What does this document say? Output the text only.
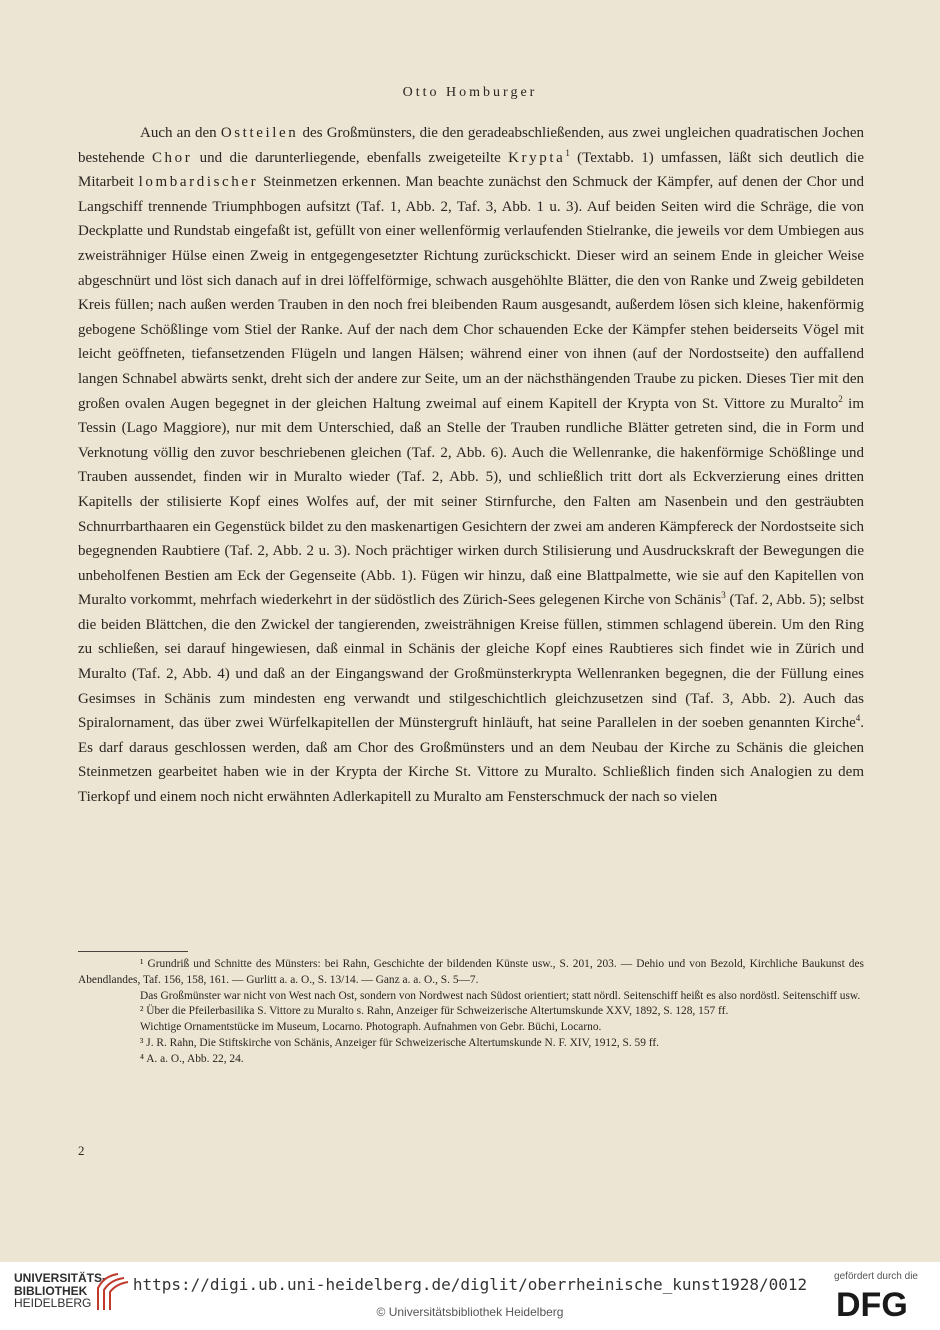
Otto Homburger

Auch an den Ostteilen des Großmünsters, die den geradeabschließenden, aus zwei ungleichen quadratischen Jochen bestehende Chor und die darunterliegende, ebenfalls zweigeteilte Krypta$^1$ (Textabb. 1) umfassen, läßt sich deutlich die Mitarbeit lombardischer Steinmetzen erkennen. Man beachte zunächst den Schmuck der Kämpfer, auf denen der Chor und Langschiff trennende Triumphbogen aufsitzt (Taf. 1, Abb. 2, Taf. 3, Abb. 1 u. 3). Auf beiden Seiten wird die Schräge, die von Deckplatte und Rundstab eingefaßt ist, gefüllt von einer wellenförmig verlaufenden Stielranke, die jeweils vor dem Umbiegen aus zweisträhniger Hülse einen Zweig in entgegengesetzter Richtung zurückschickt. Dieser wird an seinem Ende in gleicher Weise abgeschnürt und löst sich danach auf in drei löffelförmige, schwach ausgehöhlte Blätter, die den von Ranke und Zweig gebildeten Kreis füllen; nach außen werden Trauben in den noch frei bleibenden Raum ausgesandt, außerdem lösen sich kleine, hakenförmig gebogene Schößlinge vom Stiel der Ranke. Auf der nach dem Chor schauenden Ecke der Kämpfer stehen beiderseits Vögel mit leicht geöffneten, tiefansetzenden Flügeln und langen Hälsen; während einer von ihnen (auf der Nordostseite) den auffallend langen Schnabel abwärts senkt, dreht sich der andere zur Seite, um an der nächsthängenden Traube zu picken. Dieses Tier mit den großen ovalen Augen begegnet in der gleichen Haltung zweimal auf einem Kapitell der Krypta von St. Vittore zu Muralto$^2$ im Tessin (Lago Maggiore), nur mit dem Unterschied, daß an Stelle der Trauben rundliche Blätter getreten sind, die in Form und Verknotung völlig den zuvor beschriebenen gleichen (Taf. 2, Abb. 6). Auch die Wellenranke, die hakenförmige Schößlinge und Trauben aussendet, finden wir in Muralto wieder (Taf. 2, Abb. 5), und schließlich tritt dort als Eckverzierung eines dritten Kapitells der stilisierte Kopf eines Wolfes auf, der mit seiner Stirnfurche, den Falten am Nasenbein und den gesträubten Schnurrbarthaaren ein Gegenstück bildet zu den maskenartigen Gesichtern der zwei am anderen Kämpfereck der Nordostseite sich begegnenden Raubtiere (Taf. 2, Abb. 2 u. 3). Noch prächtiger wirken durch Stilisierung und Ausdruckskraft der Bewegungen die unbeholfenen Bestien am Eck der Gegenseite (Abb. 1). Fügen wir hinzu, daß eine Blattpalmette, wie sie auf den Kapitellen von Muralto vorkommt, mehrfach wiederkehrt in der südöstlich des Zürich-Sees gelegenen Kirche von Schänis$^3$ (Taf. 2, Abb. 5); selbst die beiden Blättchen, die den Zwickel der tangierenden, zweisträhnigen Kreise füllen, stimmen schlagend überein. Um den Ring zu schließen, sei darauf hingewiesen, daß einmal in Schänis der gleiche Kopf eines Raubtieres sich findet wie in Zürich und Muralto (Taf. 2, Abb. 4) und daß an der Eingangswand der Großmünsterkrypta Wellenranken begegnen, die der Füllung eines Gesimses in Schänis zum mindesten eng verwandt und stilgeschichtlich gleichzusetzen sind (Taf. 3, Abb. 2). Auch das Spiralornament, das über zwei Würfelkapitellen der Münstergruft hinläuft, hat seine Parallelen in der soeben genannten Kirche$^4$. Es darf daraus geschlossen werden, daß am Chor des Großmünsters und an dem Neubau der Kirche zu Schänis die gleichen Steinmetzen gearbeitet haben wie in der Krypta der Kirche St. Vittore zu Muralto. Schließlich finden sich Analogien zu dem Tierkopf und einem noch nicht erwähnten Adlerkapitell zu Muralto am Fensterschmuck der nach so vielen

¹ Grundriß und Schnitte des Münsters: bei Rahn, Geschichte der bildenden Künste usw., S. 201, 203. — Dehio und von Bezold, Kirchliche Baukunst des Abendlandes, Taf. 156, 158, 161. — Gurlitt a. a. O., S. 13/14. — Ganz a. a. O., S. 5—7.

Das Großmünster war nicht von West nach Ost, sondern von Nordwest nach Südost orientiert; statt nördl. Seitenschiff heißt es also nordöstl. Seitenschiff usw.

² Über die Pfeilerbasilika S. Vittore zu Muralto s. Rahn, Anzeiger für Schweizerische Altertumskunde XXV, 1892, S. 128, 157 ff.

Wichtige Ornamentstücke im Museum, Locarno. Photograph. Aufnahmen von Gebr. Büchi, Locarno.

³ J. R. Rahn, Die Stiftskirche von Schänis, Anzeiger für Schweizerische Altertumskunde N. F. XIV, 1912, S. 59 ff.

⁴ A. a. O., Abb. 22, 24.

2
UNIVERSITÄTS-
BIBLIOTHEK
HEIDELBERG
https://digi.ub.uni-heidelberg.de/diglit/oberrheinische_kunst1928/0012
© Universitätsbibliothek Heidelberg
gefördert durch die
DFG
